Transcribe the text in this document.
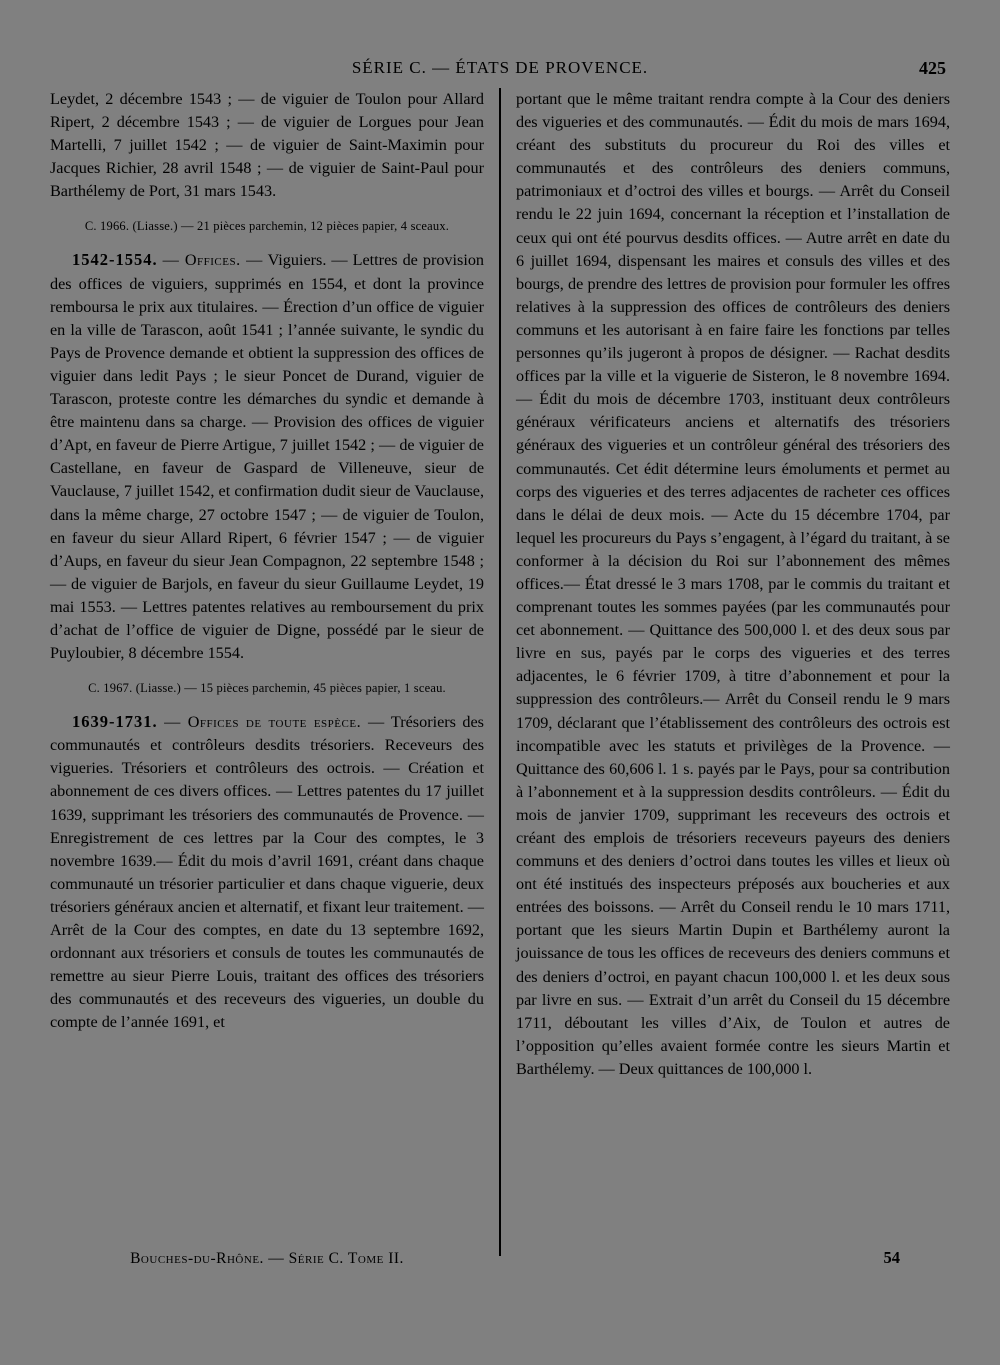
SÉRIE C. — ÉTATS DE PROVENCE.	425

Leydet, 2 décembre 1543 ; — de viguier de Toulon pour Allard Ripert, 2 décembre 1543 ; — de viguier de Lorgues pour Jean Martelli, 7 juillet 1542 ; — de viguier de Saint-Maximin pour Jacques Richier, 28 avril 1548 ; — de viguier de Saint-Paul pour Barthélemy de Port, 31 mars 1543.

C. 1966. (Liasse.) — 21 pièces parchemin, 12 pièces papier, 4 sceaux.

1542-1554. — Offices. — Viguiers. — Lettres de provision des offices de viguiers, supprimés en 1554, et dont la province remboursa le prix aux titulaires. — Érection d’un office de viguier en la ville de Tarascon, août 1541 ; l’année suivante, le syndic du Pays de Provence demande et obtient la suppression des offices de viguier dans ledit Pays ; le sieur Poncet de Durand, viguier de Tarascon, proteste contre les démarches du syndic et demande à être maintenu dans sa charge. — Provision des offices de viguier d’Apt, en faveur de Pierre Artigue, 7 juillet 1542 ; — de viguier de Castellane, en faveur de Gaspard de Villeneuve, sieur de Vauclause, 7 juillet 1542, et confirmation dudit sieur de Vauclause, dans la même charge, 27 octobre 1547 ; — de viguier de Toulon, en faveur du sieur Allard Ripert, 6 février 1547 ; — de viguier d’Aups, en faveur du sieur Jean Compagnon, 22 septembre 1548 ; — de viguier de Barjols, en faveur du sieur Guillaume Leydet, 19 mai 1553. — Lettres patentes relatives au remboursement du prix d’achat de l’office de viguier de Digne, possédé par le sieur de Puyloubier, 8 décembre 1554.

C. 1967. (Liasse.) — 15 pièces parchemin, 45 pièces papier, 1 sceau.

1639-1731. — Offices de toute espèce. — Trésoriers des communautés et contrôleurs desdits trésoriers. Receveurs des vigueries. Trésoriers et contrôleurs des octrois. — Création et abonnement de ces divers offices. — Lettres patentes du 17 juillet 1639, supprimant les trésoriers des communautés de Provence. — Enregistrement de ces lettres par la Cour des comptes, le 3 novembre 1639.— Édit du mois d’avril 1691, créant dans chaque communauté un trésorier particulier et dans chaque viguerie, deux trésoriers généraux ancien et alternatif, et fixant leur traitement. — Arrêt de la Cour des comptes, en date du 13 septembre 1692, ordonnant aux trésoriers et consuls de toutes les communautés de remettre au sieur Pierre Louis, traitant des offices des trésoriers des communautés et des receveurs des vigueries, un double du compte de l’année 1691, et

portant que le même traitant rendra compte à la Cour des deniers des vigueries et des communautés. — Édit du mois de mars 1694, créant des substituts du procureur du Roi des villes et communautés et des contrôleurs des deniers communs, patrimoniaux et d’octroi des villes et bourgs. — Arrêt du Conseil rendu le 22 juin 1694, concernant la réception et l’installation de ceux qui ont été pourvus desdits offices. — Autre arrêt en date du 6 juillet 1694, dispensant les maires et consuls des villes et des bourgs, de prendre des lettres de provision pour formuler les offres relatives à la suppression des offices de contrôleurs des deniers communs et les autorisant à en faire faire les fonctions par telles personnes qu’ils jugeront à propos de désigner. — Rachat desdits offices par la ville et la viguerie de Sisteron, le 8 novembre 1694. — Édit du mois de décembre 1703, instituant deux contrôleurs généraux vérificateurs anciens et alternatifs des trésoriers généraux des vigueries et un contrôleur général des trésoriers des communautés. Cet édit détermine leurs émoluments et permet au corps des vigueries et des terres adjacentes de racheter ces offices dans le délai de deux mois. — Acte du 15 décembre 1704, par lequel les procureurs du Pays s’engagent, à l’égard du traitant, à se conformer à la décision du Roi sur l’abonnement des mêmes offices.— État dressé le 3 mars 1708, par le commis du traitant et comprenant toutes les sommes payées (par les communautés pour cet abonnement. — Quittance des 500,000 l. et des deux sous par livre en sus, payés par le corps des vigueries et des terres adjacentes, le 6 février 1709, à titre d’abonnement et pour la suppression des contrôleurs.— Arrêt du Conseil rendu le 9 mars 1709, déclarant que l’établissement des contrôleurs des octrois est incompatible avec les statuts et privilèges de la Provence. — Quittance des 60,606 l. 1 s. payés par le Pays, pour sa contribution à l’abonnement et à la suppression desdits contrôleurs. — Édit du mois de janvier 1709, supprimant les receveurs des octrois et créant des emplois de trésoriers receveurs payeurs des deniers communs et des deniers d’octroi dans toutes les villes et lieux où ont été institués des inspecteurs préposés aux boucheries et aux entrées des boissons. — Arrêt du Conseil rendu le 10 mars 1711, portant que les sieurs Martin Dupin et Barthélemy auront la jouissance de tous les offices de receveurs des deniers communs et des deniers d’octroi, en payant chacun 100,000 l. et les deux sous par livre en sus. — Extrait d’un arrêt du Conseil du 15 décembre 1711, déboutant les villes d’Aix, de Toulon et autres de l’opposition qu’elles avaient formée contre les sieurs Martin et Barthélemy. — Deux quittances de 100,000 l.

Bouches-du-Rhône. — Série C. Tome II.	54
